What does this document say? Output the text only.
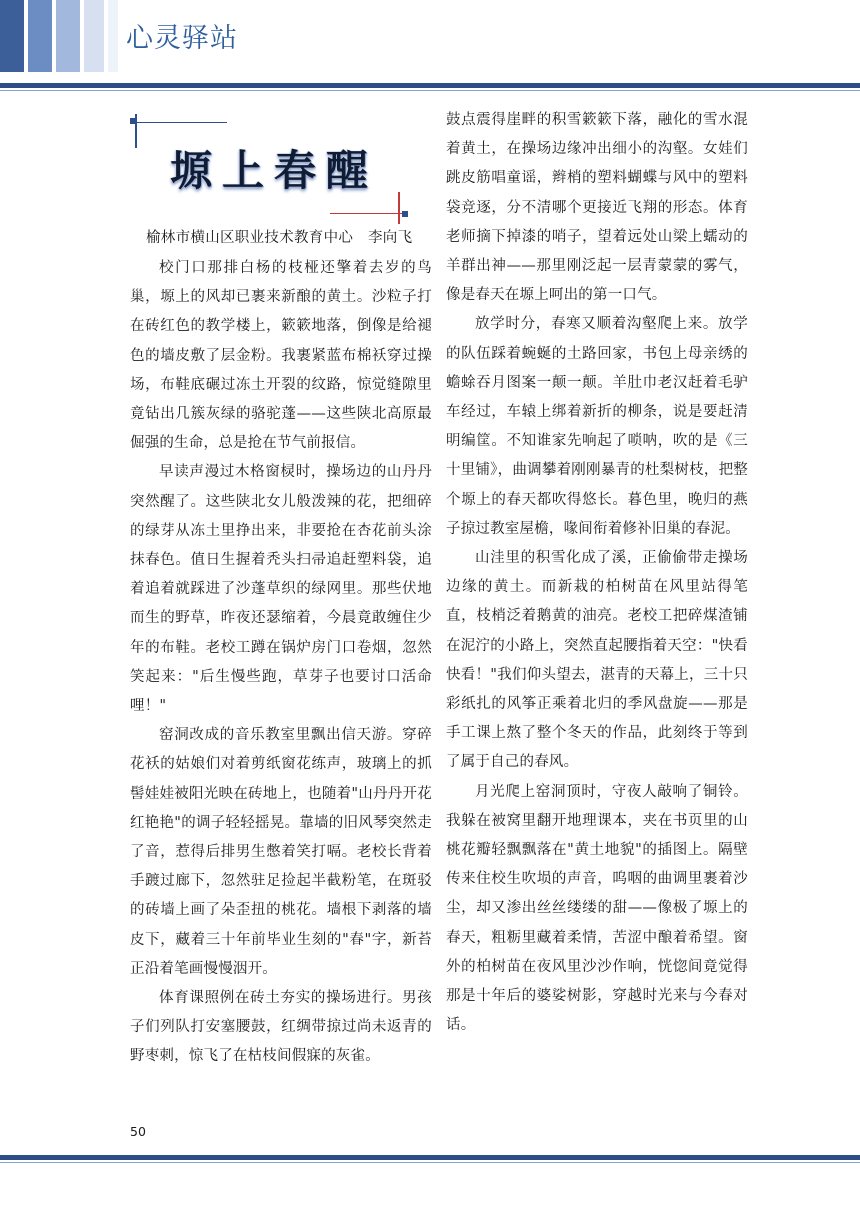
心灵驿站
塬上春醒
榆林市横山区职业技术教育中心　李向飞

校门口那排白杨的枝桠还擎着去岁的鸟巢，塬上的风却已裹来新酿的黄土。沙粒子打在砖红色的教学楼上，簌簌地落，倒像是给褪色的墙皮敷了层金粉。我裹紧蓝布棉袄穿过操场，布鞋底碾过冻土开裂的纹路，惊觉缝隙里竟钻出几簇灰绿的骆驼蓬——这些陕北高原最倔强的生命，总是抢在节气前报信。

早读声漫过木格窗棂时，操场边的山丹丹突然醒了。这些陕北女儿般泼辣的花，把细碎的绿芽从冻土里挣出来，非要抢在杏花前头涂抹春色。值日生握着秃头扫帚追赶塑料袋，追着追着就踩进了沙蓬草织的绿网里。那些伏地而生的野草，昨夜还瑟缩着，今晨竟敢缠住少年的布鞋。老校工蹲在锅炉房门口卷烟，忽然笑起来："后生慢些跑，草芽子也要讨口活命哩！"

窑洞改成的音乐教室里飘出信天游。穿碎花袄的姑娘们对着剪纸窗花练声，玻璃上的抓髻娃娃被阳光映在砖地上，也随着"山丹丹开花红艳艳"的调子轻轻摇晃。靠墙的旧风琴突然走了音，惹得后排男生憋着笑打嗝。老校长背着手踱过廊下，忽然驻足捡起半截粉笔，在斑驳的砖墙上画了朵歪扭的桃花。墙根下剥落的墙皮下，藏着三十年前毕业生刻的"春"字，新苔正沿着笔画慢慢洇开。

体育课照例在砖土夯实的操场进行。男孩子们列队打安塞腰鼓，红绸带掠过尚未返青的野枣刺，惊飞了在枯枝间假寐的灰雀。

鼓点震得崖畔的积雪簌簌下落，融化的雪水混着黄土，在操场边缘冲出细小的沟壑。女娃们跳皮筋唱童谣，辫梢的塑料蝴蝶与风中的塑料袋竞逐，分不清哪个更接近飞翔的形态。体育老师摘下掉漆的哨子，望着远处山梁上蠕动的羊群出神——那里刚泛起一层青蒙蒙的雾气，像是春天在塬上呵出的第一口气。

放学时分，春寒又顺着沟壑爬上来。放学的队伍踩着蜿蜒的土路回家，书包上母亲绣的蟾蜍吞月图案一颠一颠。羊肚巾老汉赶着毛驴车经过，车辕上绑着新折的柳条，说是要赶清明编筐。不知谁家先响起了唢呐，吹的是《三十里铺》，曲调攀着刚刚暴青的杜梨树枝，把整个塬上的春天都吹得悠长。暮色里，晚归的燕子掠过教室屋檐，喙间衔着修补旧巢的春泥。

山洼里的积雪化成了溪，正偷偷带走操场边缘的黄土。而新栽的柏树苗在风里站得笔直，枝梢泛着鹅黄的油亮。老校工把碎煤渣铺在泥泞的小路上，突然直起腰指着天空："快看快看！"我们仰头望去，湛青的天幕上，三十只彩纸扎的风筝正乘着北归的季风盘旋——那是手工课上熬了整个冬天的作品，此刻终于等到了属于自己的春风。

月光爬上窑洞顶时，守夜人敲响了铜铃。我躲在被窝里翻开地理课本，夹在书页里的山桃花瓣轻飘飘落在"黄土地貌"的插图上。隔壁传来住校生吹埙的声音，呜咽的曲调里裹着沙尘，却又渗出丝丝缕缕的甜——像极了塬上的春天，粗粝里藏着柔情，苦涩中酿着希望。窗外的柏树苗在夜风里沙沙作响，恍惚间竟觉得那是十年后的婆娑树影，穿越时光来与今春对话。

50
